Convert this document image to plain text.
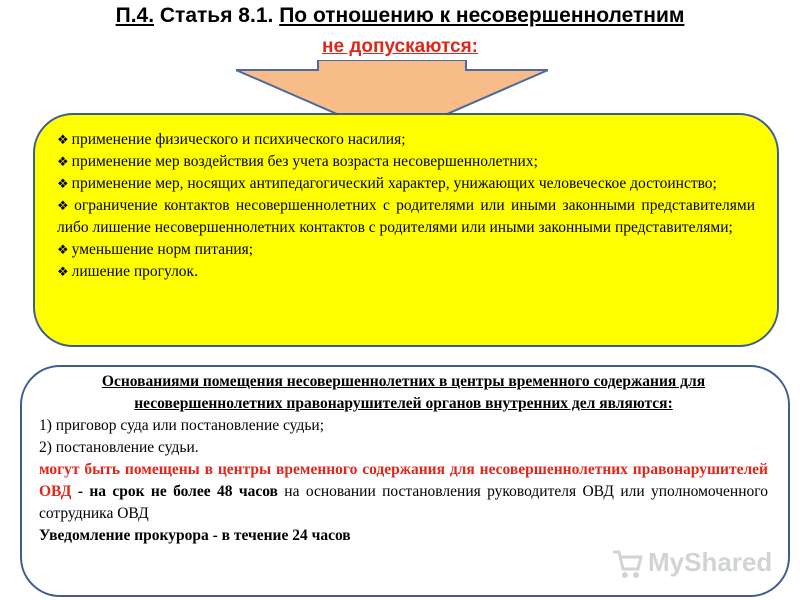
П.4. Статья 8.1. По отношению к несовершеннолетним
не допускаются:
❖ применение физического и психического насилия;
❖ применение мер воздействия без учета возраста несовершеннолетних;
❖ применение мер, носящих антипедагогический характер, унижающих человеческое достоинство;
❖ ограничение контактов несовершеннолетних с родителями или иными законными представителями либо лишение несовершеннолетних контактов с родителями или иными законными представителями;
❖ уменьшение норм питания;
❖ лишение прогулок.
Основаниями помещения несовершеннолетних в центры временного содержания для несовершеннолетних правонарушителей органов внутренних дел являются:
1) приговор суда или постановление судьи;
2) постановление судьи.
могут быть помещены в центры временного содержания для несовершеннолетних правонарушителей ОВД - на срок не более 48 часов на основании постановления руководителя ОВД или уполномоченного сотрудника ОВД
Уведомление прокурора - в течение 24 часов
MyShared
